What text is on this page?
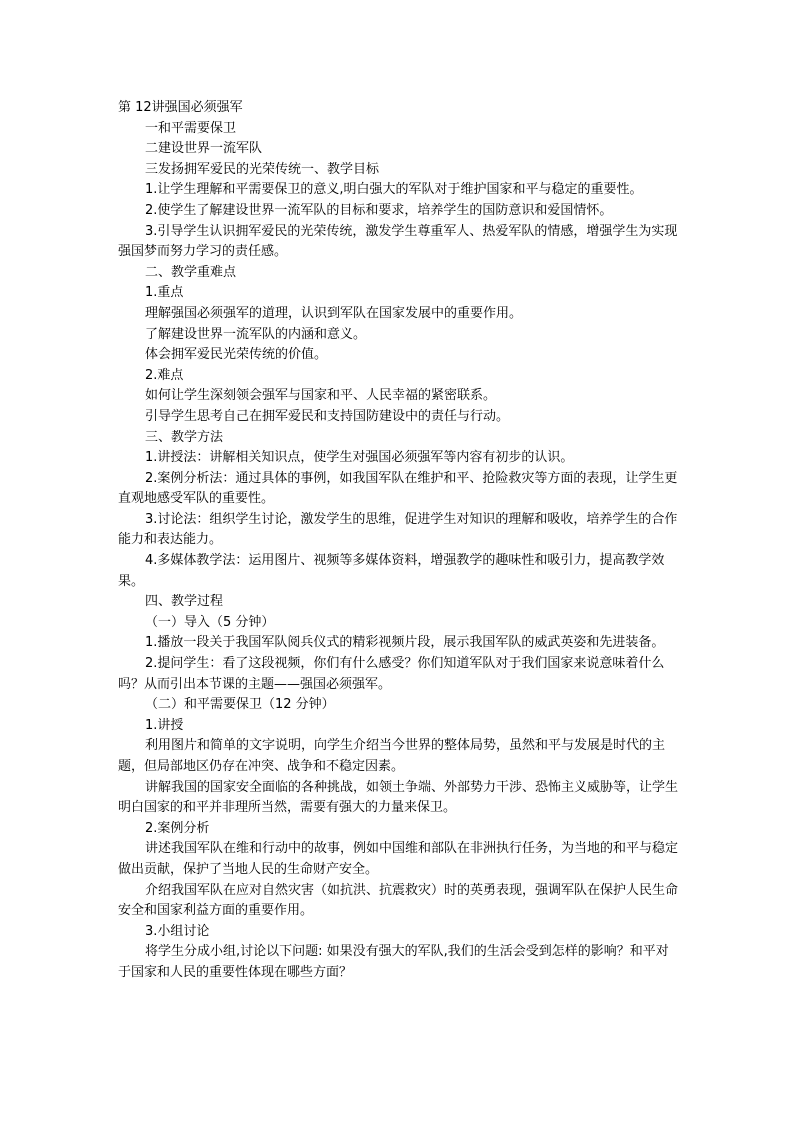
第 12讲强国必须强军

一和平需要保卫

二建设世界一流军队

三发扬拥军爱民的光荣传统一、教学目标

1.让学生理解和平需要保卫的意义,明白强大的军队对于维护国家和平与稳定的重要性。

2.使学生了解建设世界一流军队的目标和要求，培养学生的国防意识和爱国情怀。

3.引导学生认识拥军爱民的光荣传统，激发学生尊重军人、热爱军队的情感，增强学生为实现强国梦而努力学习的责任感。

二、教学重难点

1.重点

理解强国必须强军的道理，认识到军队在国家发展中的重要作用。

了解建设世界一流军队的内涵和意义。

体会拥军爱民光荣传统的价值。

2.难点

如何让学生深刻领会强军与国家和平、人民幸福的紧密联系。

引导学生思考自己在拥军爱民和支持国防建设中的责任与行动。

三、教学方法

1.讲授法：讲解相关知识点，使学生对强国必须强军等内容有初步的认识。

2.案例分析法：通过具体的事例，如我国军队在维护和平、抢险救灾等方面的表现，让学生更直观地感受军队的重要性。

3.讨论法：组织学生讨论，激发学生的思维，促进学生对知识的理解和吸收，培养学生的合作能力和表达能力。

4.多媒体教学法：运用图片、视频等多媒体资料，增强教学的趣味性和吸引力，提高教学效果。

四、教学过程

（一）导入（5 分钟）

1.播放一段关于我国军队阅兵仪式的精彩视频片段，展示我国军队的威武英姿和先进装备。

2.提问学生：看了这段视频，你们有什么感受？你们知道军队对于我们国家来说意味着什么吗？从而引出本节课的主题——强国必须强军。

（二）和平需要保卫（12 分钟）

1.讲授

利用图片和简单的文字说明，向学生介绍当今世界的整体局势，虽然和平与发展是时代的主题，但局部地区仍存在冲突、战争和不稳定因素。

讲解我国的国家安全面临的各种挑战，如领土争端、外部势力干涉、恐怖主义威胁等，让学生明白国家的和平并非理所当然，需要有强大的力量来保卫。

2.案例分析

讲述我国军队在维和行动中的故事，例如中国维和部队在非洲执行任务，为当地的和平与稳定做出贡献，保护了当地人民的生命财产安全。

介绍我国军队在应对自然灾害（如抗洪、抗震救灾）时的英勇表现，强调军队在保护人民生命安全和国家利益方面的重要作用。

3.小组讨论

将学生分成小组,讨论以下问题: 如果没有强大的军队,我们的生活会受到怎样的影响？和平对于国家和人民的重要性体现在哪些方面？
